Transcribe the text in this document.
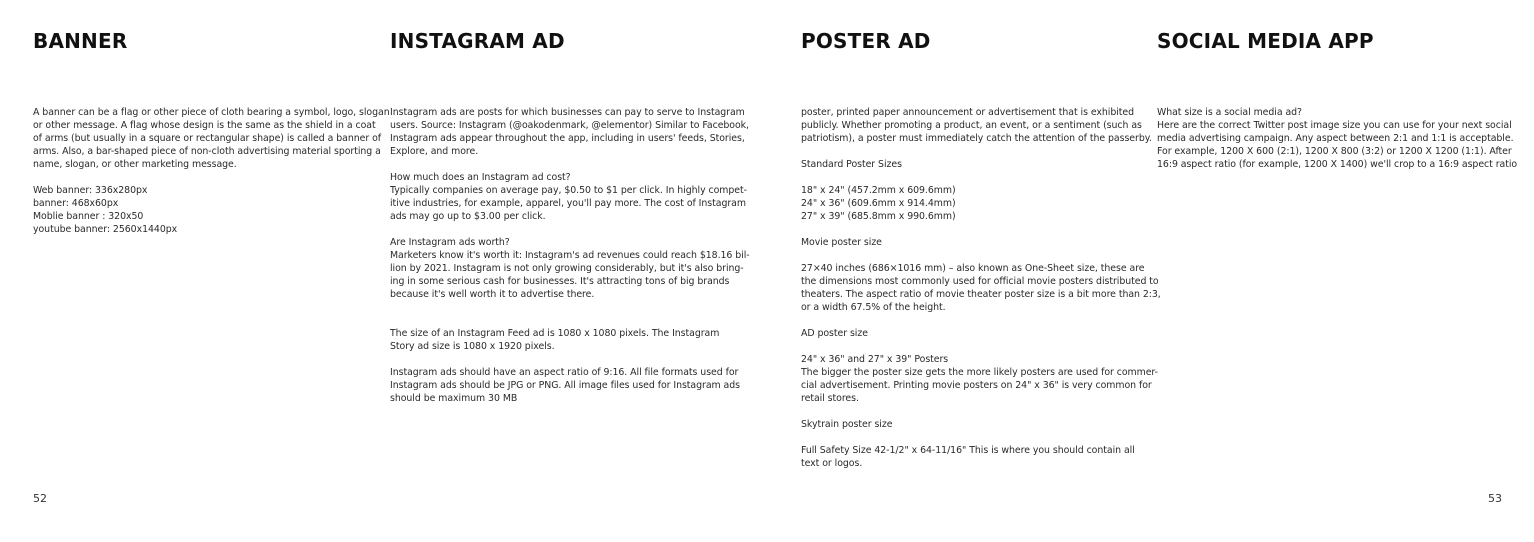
BANNER	INSTAGRAM AD	POSTER AD	SOCIAL MEDIA APP
A banner can be a flag or other piece of cloth bearing a symbol, logo, slogan
or other message. A flag whose design is the same as the shield in a coat
of arms (but usually in a square or rectangular shape) is called a banner of
arms. Also, a bar-shaped piece of non-cloth advertising material sporting a
name, slogan, or other marketing message.
Web banner: 336x280px
banner: 468x60px
Moblie banner : 320x50
youtube banner: 2560x1440px
Instagram ads are posts for which businesses can pay to serve to Instagram
users. Source: Instagram (@oakodenmark, @elementor) Similar to Facebook,
Instagram ads appear throughout the app, including in users' feeds, Stories,
Explore, and more.
How much does an Instagram ad cost?
Typically companies on average pay, $0.50 to $1 per click. In highly compet-
itive industries, for example, apparel, you'll pay more. The cost of Instagram
ads may go up to $3.00 per click.
Are Instagram ads worth?
Marketers know it's worth it: Instagram's ad revenues could reach $18.16 bil-
lion by 2021. Instagram is not only growing considerably, but it's also bring-
ing in some serious cash for businesses. It's attracting tons of big brands
because it's well worth it to advertise there.
The size of an Instagram Feed ad is 1080 x 1080 pixels. The Instagram
Story ad size is 1080 x 1920 pixels.
Instagram ads should have an aspect ratio of 9:16. All file formats used for
Instagram ads should be JPG or PNG. All image files used for Instagram ads
should be maximum 30 MB
poster, printed paper announcement or advertisement that is exhibited
publicly. Whether promoting a product, an event, or a sentiment (such as
patriotism), a poster must immediately catch the attention of the passerby.
Standard Poster Sizes
18" x 24" (457.2mm x 609.6mm)
24" x 36" (609.6mm x 914.4mm)
27" x 39" (685.8mm x 990.6mm)
Movie poster size
27×40 inches (686×1016 mm) – also known as One-Sheet size, these are
the dimensions most commonly used for official movie posters distributed to
theaters. The aspect ratio of movie theater poster size is a bit more than 2:3,
or a width 67.5% of the height.
AD poster size
24" x 36" and 27" x 39" Posters
The bigger the poster size gets the more likely posters are used for commer-
cial advertisement. Printing movie posters on 24" x 36" is very common for
retail stores.
Skytrain poster size
Full Safety Size 42-1/2" x 64-11/16" This is where you should contain all
text or logos.
What size is a social media ad?
Here are the correct Twitter post image size you can use for your next social
media advertising campaign. Any aspect between 2:1 and 1:1 is acceptable.
For example, 1200 X 600 (2:1), 1200 X 800 (3:2) or 1200 X 1200 (1:1). After
16:9 aspect ratio (for example, 1200 X 1400) we'll crop to a 16:9 aspect ratio
52	53
